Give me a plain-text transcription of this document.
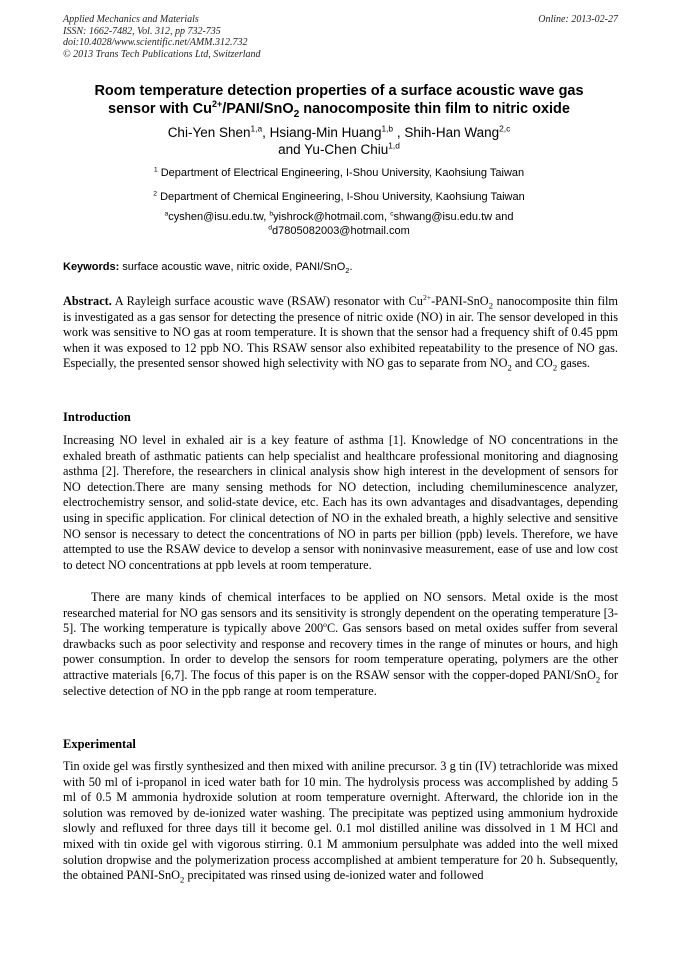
Applied Mechanics and Materials	Online: 2013-02-27
ISSN: 1662-7482, Vol. 312, pp 732-735
doi:10.4028/www.scientific.net/AMM.312.732
© 2013 Trans Tech Publications Ltd, Switzerland
Room temperature detection properties of a surface acoustic wave gas
sensor with $Cu^{2+}/PANI/SnO_2$ nanocomposite thin film to nitric oxide
Chi-Yen Shen$^{1,a}$, Hsiang-Min Huang$^{1,b}$ , Shih-Han Wang$^{2,c}$
and Yu-Chen Chiu$^{1,d}$
$^1$ Department of Electrical Engineering, I-Shou University, Kaohsiung Taiwan
$^2$ Department of Chemical Engineering, I-Shou University, Kaohsiung Taiwan
$^a$cyshen@isu.edu.tw, $^b$yishrock@hotmail.com, $^c$shwang@isu.edu.tw and
$^d$d7805082003@hotmail.com
Keywords: surface acoustic wave, nitric oxide, PANI/SnO$_2$.
Abstract. A Rayleigh surface acoustic wave (RSAW) resonator with $Cu^{2+}-PANI-SnO_2$ nanocomposite thin film is investigated as a gas sensor for detecting the presence of nitric oxide (NO) in air. The sensor developed in this work was sensitive to NO gas at room temperature. It is shown that the sensor had a frequency shift of 0.45 ppm when it was exposed to 12 ppb NO. This RSAW sensor also exhibited repeatability to the presence of NO gas. Especially, the presented sensor showed high selectivity with NO gas to separate from $NO_2$ and $CO_2$ gases.
Introduction
Increasing NO level in exhaled air is a key feature of asthma [1]. Knowledge of NO concentrations in the exhaled breath of asthmatic patients can help specialist and healthcare professional monitoring and diagnosing asthma [2]. Therefore, the researchers in clinical analysis show high interest in the development of sensors for NO detection.There are many sensing methods for NO detection, including chemiluminescence analyzer, electrochemistry sensor, and solid-state device, etc. Each has its own advantages and disadvantages, depending using in specific application. For clinical detection of NO in the exhaled breath, a highly selective and sensitive NO sensor is necessary to detect the concentrations of NO in parts per billion (ppb) levels. Therefore, we have attempted to use the RSAW device to develop a sensor with noninvasive measurement, ease of use and low cost to detect NO concentrations at ppb levels at room temperature.
There are many kinds of chemical interfaces to be applied on NO sensors. Metal oxide is the most researched material for NO gas sensors and its sensitivity is strongly dependent on the operating temperature [3-5]. The working temperature is typically above 200$^o$C. Gas sensors based on metal oxides suffer from several drawbacks such as poor selectivity and response and recovery times in the range of minutes or hours, and high power consumption. In order to develop the sensors for room temperature operating, polymers are the other attractive materials [6,7]. The focus of this paper is on the RSAW sensor with the copper-doped PANI/SnO$_2$ for selective detection of NO in the ppb range at room temperature.
Experimental
Tin oxide gel was firstly synthesized and then mixed with aniline precursor. 3 g tin (IV) tetrachloride was mixed with 50 ml of i-propanol in iced water bath for 10 min. The hydrolysis process was accomplished by adding 5 ml of 0.5 M ammonia hydroxide solution at room temperature overnight. Afterward, the chloride ion in the solution was removed by de-ionized water washing. The precipitate was peptized using ammonium hydroxide slowly and refluxed for three days till it become gel. 0.1 mol distilled aniline was dissolved in 1 M HCl and mixed with tin oxide gel with vigorous stirring. 0.1 M ammonium persulphate was added into the well mixed solution dropwise and the polymerization process accomplished at ambient temperature for 20 h. Subsequently, the obtained PANI-SnO$_2$ precipitated was rinsed using de-ionized water and followed
